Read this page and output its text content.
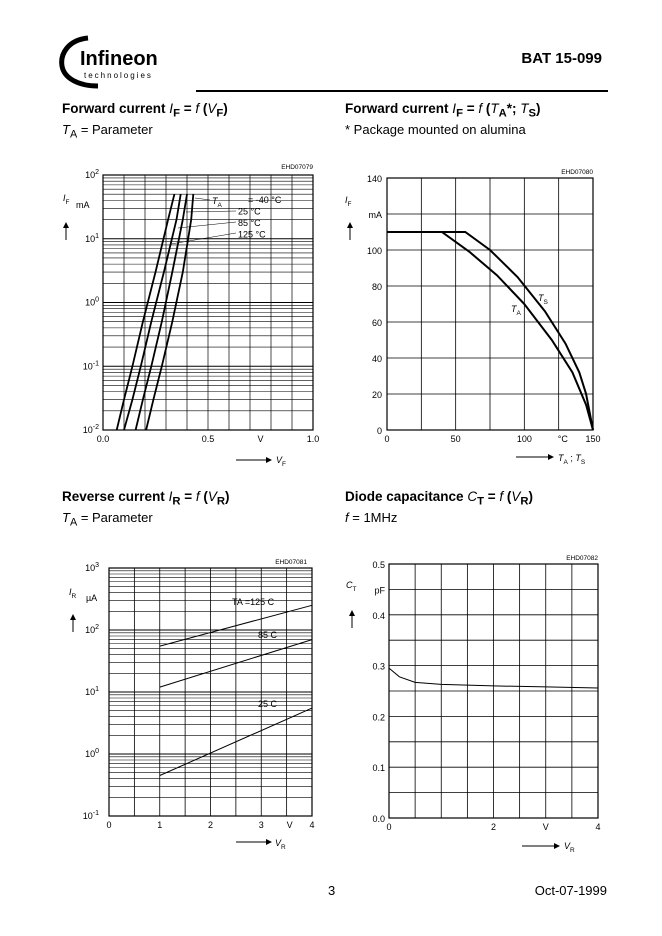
Infineon
technologies
BAT 15-099
Forward current $I_F = f$ $(V_F)$
$T_A$ = Parameter
Forward current $I_F = f$ ($T_A*$; $T_S$)
* Package mounted on alumina
Reverse current $I_R = f$ $(V_R)$
$T_A$ = Parameter
Diode capacitance $C_T = f$ $(V_R)$
f = 1MHz
EHD07079
$10^2$
$10^1$
$10^0$
$10^{-1}$
$10^{-2}$
0.0	0.5	V	1.0
$I_F$ mA
$V_F$
$T_A$
= -40 °C
25 °C
85 °C
125 °C
EHD07080
140
mA
100
80
60
40
20
0
0	50	100	°C 150
$I_F$
$T_A$ ; $T_S$
$T_S$
$T_A$
EHD07081
$10^3$
$10^2$
$10^1$
$10^0$
$10^{-1}$
0	1	2	3	V 4
$I_R$ µA
$V_R$
TA =125 C
85 C
25 C
EHD07082
0.5
pF
0.4
0.3
0.2
0.1
0.0
0	2	V	4
$C_T$
$V_R$
3	Oct-07-1999
